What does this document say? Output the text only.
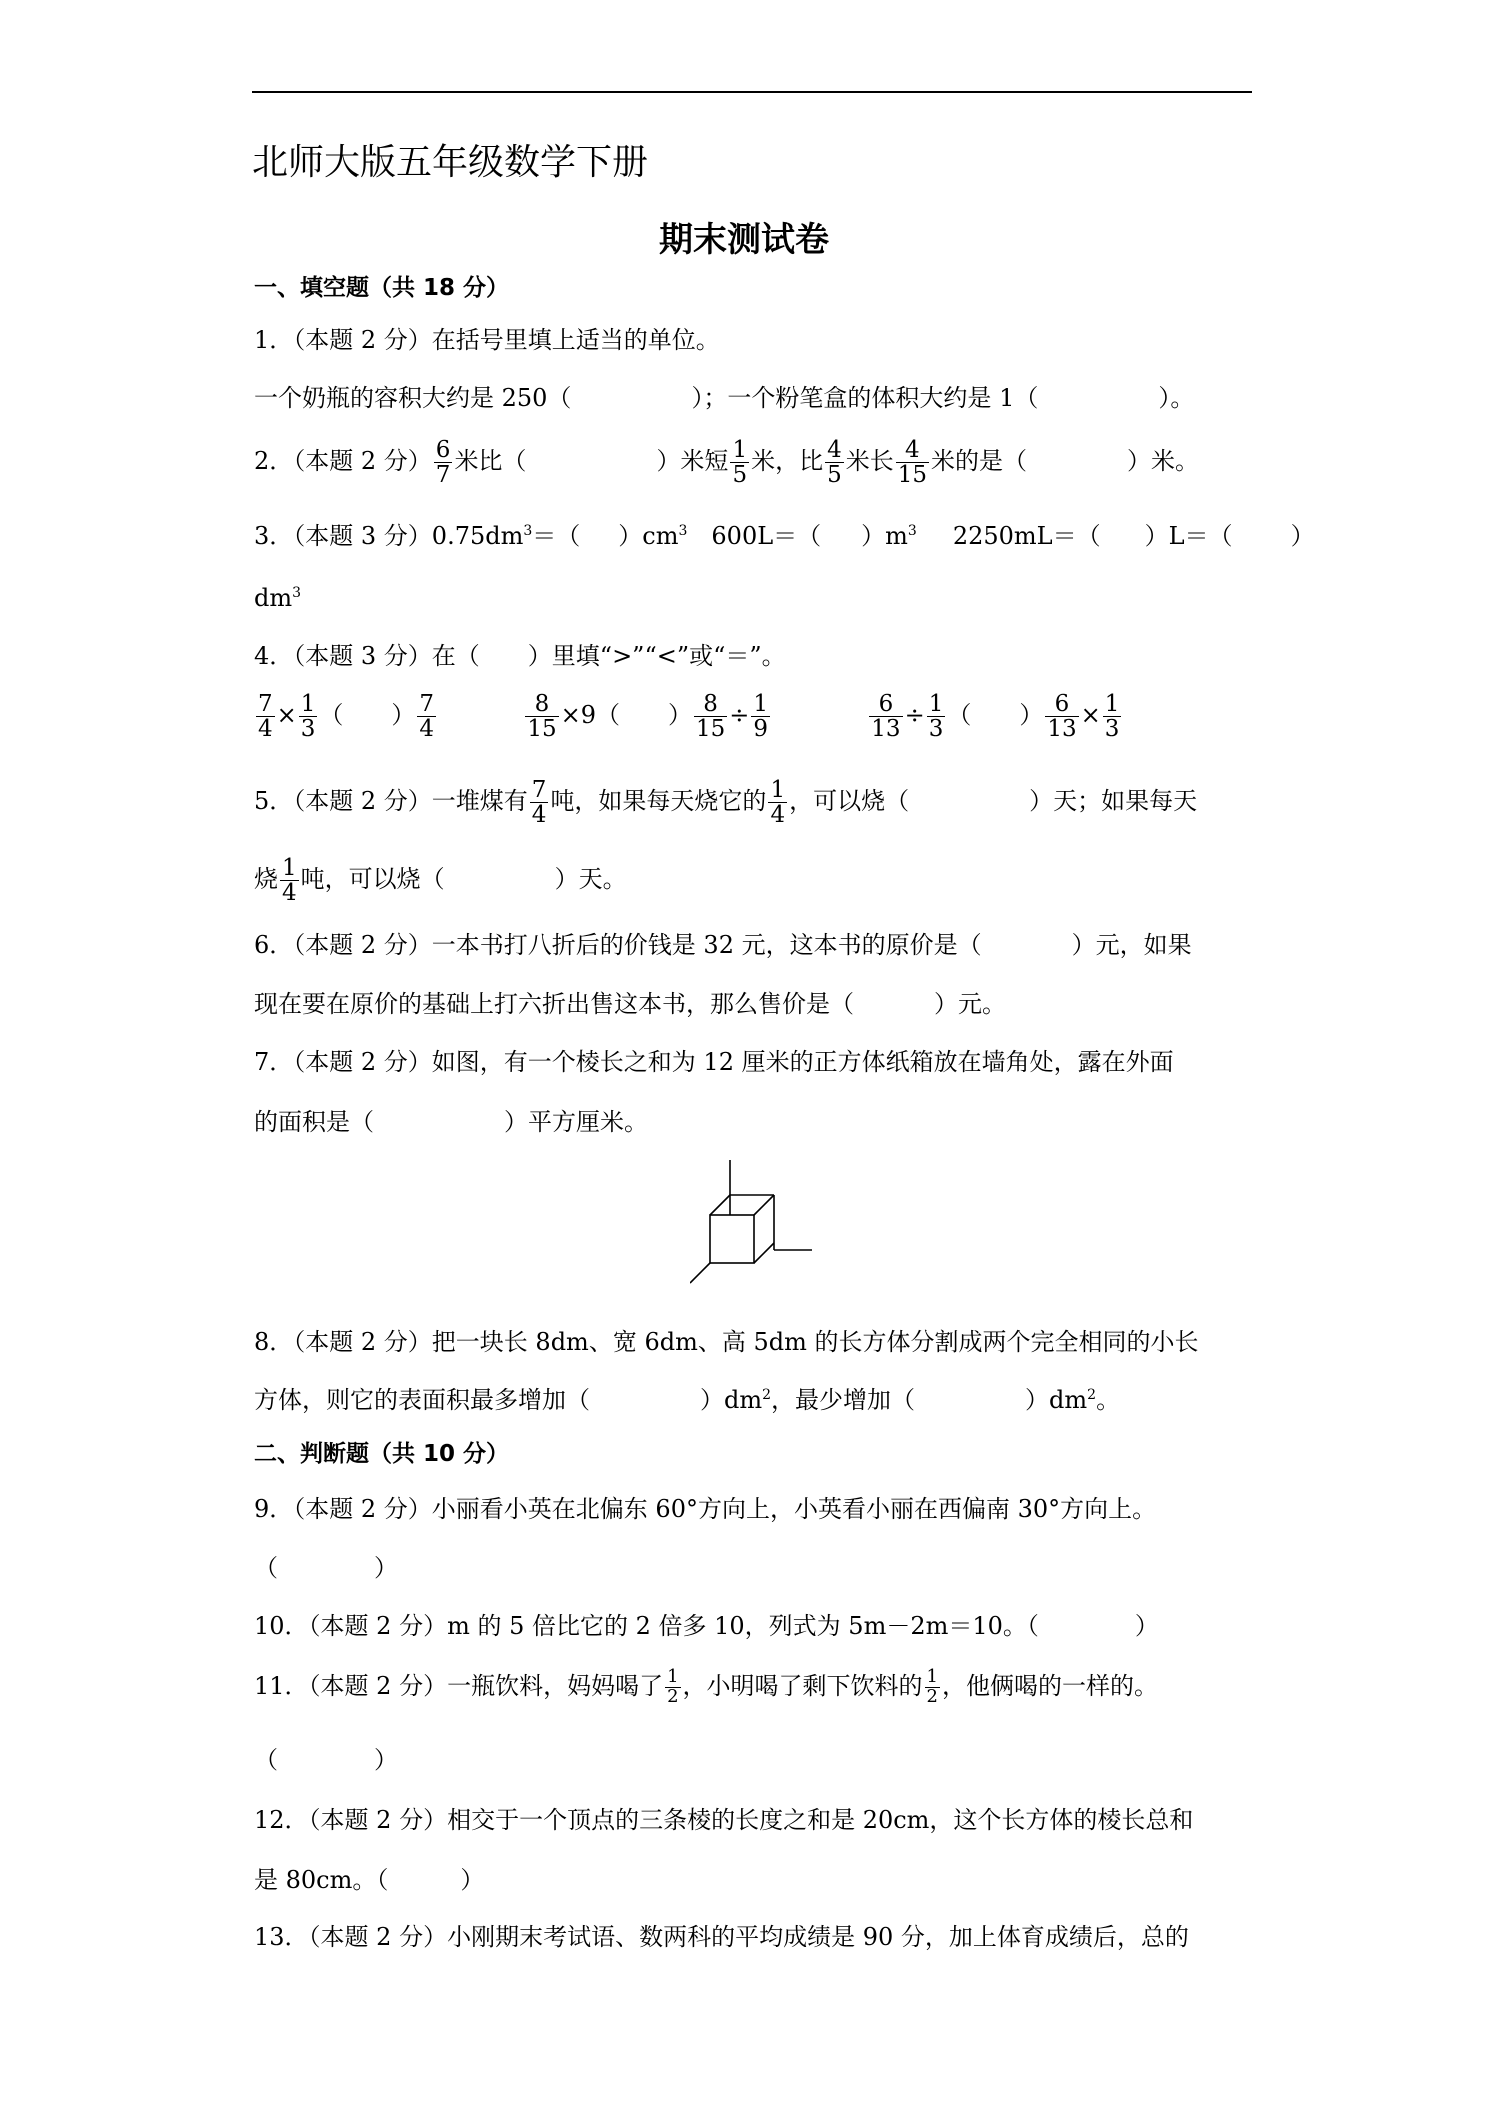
北师大版五年级数学下册
期末测试卷
一、填空题（共 18 分）
1．（本题 2 分）在括号里填上适当的单位。
一个奶瓶的容积大约是 250（	）；一个粉笔盒的体积大约是 1（	）。
2．（本题 2 分） $\frac{6}{7}$ 米比（	）米短 $\frac{1}{5}$ 米，比 $\frac{4}{5}$ 米长 $\frac{4}{15}$ 米的是（	）米。
3．（本题 3 分）$0.75dm^3=$（ ）$cm^3$ 600L＝（ ）$m^3$ 2250mL＝（ ）L＝（ ）
$dm^3$
4．（本题 3 分）在（　　）里填“>”“<”或“＝”。
$\frac{7}{4} \times \frac{1}{3}$ （　　） $\frac{7}{4}$
	$\frac{8}{15} \times 9$（　　） $\frac{8}{15} \div \frac{1}{9}$
	$\frac{6}{13} \div \frac{1}{3}$ （　　） $\frac{6}{13} \times \frac{1}{3}$
5．（本题 2 分）一堆煤有 $\frac{7}{4}$ 吨，如果每天烧它的 $\frac{1}{4}$ ，可以烧（	）天；如果每天
烧 $\frac{1}{4}$ 吨，可以烧（	）天。
6．（本题 2 分）一本书打八折后的价钱是 32 元，这本书的原价是（	）元，如果
现在要在原价的基础上打六折出售这本书，那么售价是（	）元。
7．（本题 2 分）如图，有一个棱长之和为 12 厘米的正方体纸箱放在墙角处，露在外面
的面积是（	）平方厘米。
8．（本题 2 分）把一块长 8dm、宽 6dm、高 5dm 的长方体分割成两个完全相同的小长
方体，则它的表面积最多增加（	）$dm^2$，最少增加（	）$dm^2$。
二、判断题（共 10 分）
9．（本题 2 分）小丽看小英在北偏东 60°方向上，小英看小丽在西偏南 30°方向上。
（　　　　）
10．（本题 2 分）m 的 5 倍比它的 2 倍多 10，列式为 5m－2m＝10。（　　　　）
11．（本题 2 分）一瓶饮料，妈妈喝了 $\frac{1}{2}$ ，小明喝了剩下饮料的 $\frac{1}{2}$ ，他俩喝的一样的。
（　　　　）
12．（本题 2 分）相交于一个顶点的三条棱的长度之和是 20cm，这个长方体的棱长总和
是 80cm。（　　　）
13．（本题 2 分）小刚期末考试语、数两科的平均成绩是 90 分，加上体育成绩后，总的
